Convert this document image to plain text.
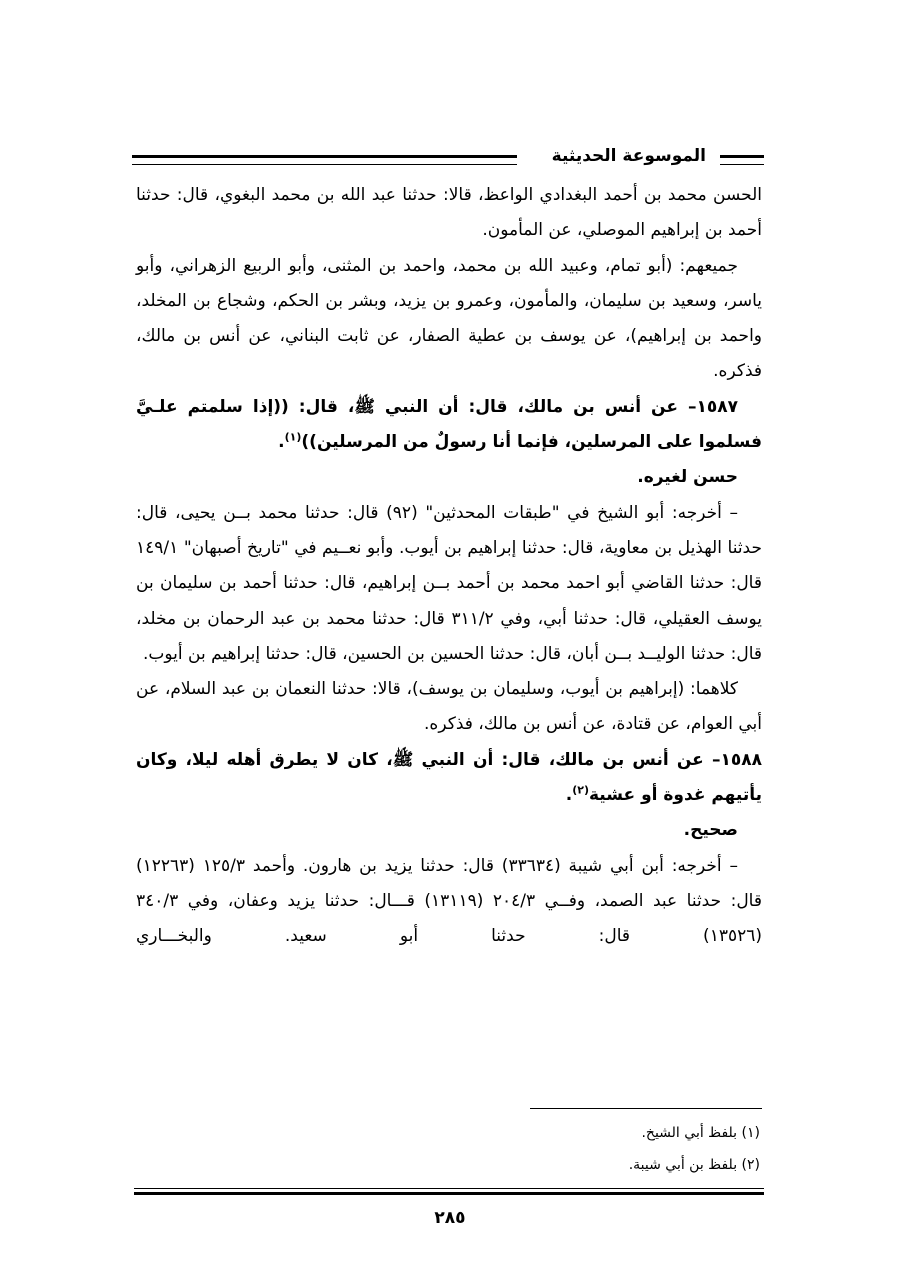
الموسوعة الحديثية

الحسن محمد بن أحمد البغدادي الواعظ، قالا: حدثنا عبد الله بن محمد البغوي، قال: حدثنا أحمد بن إبراهيم الموصلي، عن المأمون.

جميعهم: (أبو تمام، وعبيد الله بن محمد، واحمد بن المثنى، وأبو الربيع الزهراني، وأبو ياسر، وسعيد بن سليمان، والمأمون، وعمرو بن يزيد، وبشر بن الحكم، وشجاع بن المخلد، واحمد بن إبراهيم)، عن يوسف بن عطية الصفار، عن ثابت البناني، عن أنس بن مالك، فذكره.

١٥٨٧– عن أنس بن مالك، قال: أن النبي ﷺ، قال: ((إذا سلمتم علـيَّ فسلموا على المرسلين، فإنما أنا رسولٌ من المرسلين))$^{(١)}$.

حسن لغيره.

– أخرجه: أبو الشيخ في "طبقات المحدثين" (٩٢) قال: حدثنا محمد بــن يحيى، قال: حدثنا الهذيل بن معاوية، قال: حدثنا إبراهيم بن أيوب. وأبو نعــيم في "تاريخ أصبهان" ١٤٩/١ قال: حدثنا القاضي أبو احمد محمد بن أحمد بــن إبراهيم، قال: حدثنا أحمد بن سليمان بن يوسف العقيلي، قال: حدثنا أبي، وفي ٣١١/٢ قال: حدثنا محمد بن عبد الرحمان بن مخلد، قال: حدثنا الوليــد بــن أبان، قال: حدثنا الحسين بن الحسين، قال: حدثنا إبراهيم بن أيوب.

كلاهما: (إبراهيم بن أيوب، وسليمان بن يوسف)، قالا: حدثنا النعمان بن عبد السلام، عن أبي العوام، عن قتادة، عن أنس بن مالك، فذكره.

١٥٨٨– عن أنس بن مالك، قال: أن النبي ﷺ، كان لا يطرق أهله ليلا، وكان يأتيهم غدوة أو عشية$^{(٢)}$.

صحيح.

– أخرجه: أبن أبي شيبة (٣٣٦٣٤) قال: حدثنا يزيد بن هارون. وأحمد ١٢٥/٣ (١٢٢٦٣) قال: حدثنا عبد الصمد، وفــي ٢٠٤/٣ (١٣١١٩) قـــال: حدثنا يزيد وعفان، وفي ٣٤٠/٣ (١٣٥٢٦) قال: حدثنا أبو سعيد. والبخـــاري

(١) بلفظ أبي الشيخ.
(٢) بلفظ بن أبي شيبة.
٢٨٥
